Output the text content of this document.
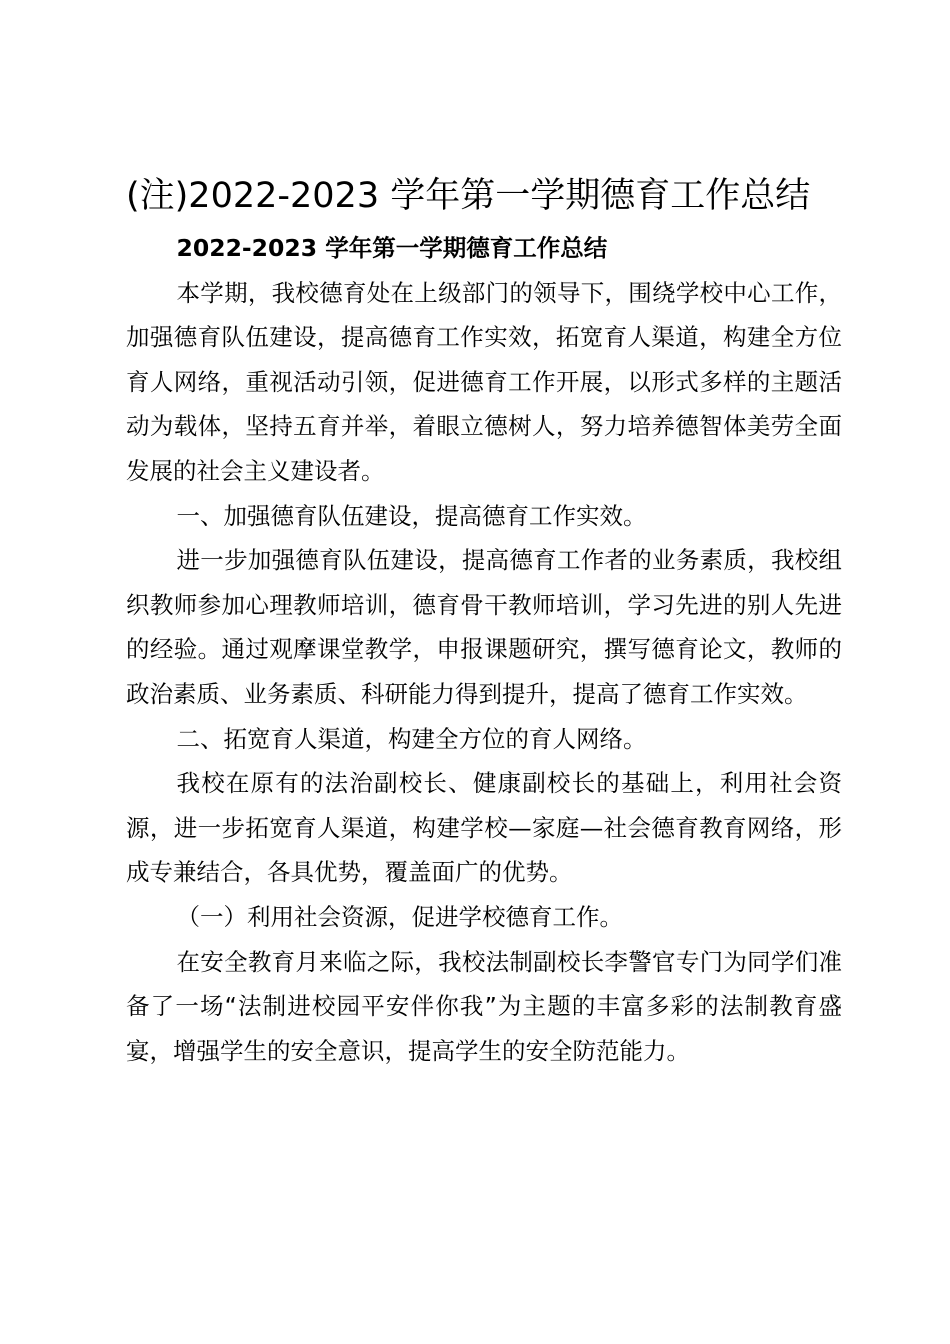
(注)2022-2023 学年第一学期德育工作总结

2022-2023 学年第一学期德育工作总结

本学期，我校德育处在上级部门的领导下，围绕学校中心工作，加强德育队伍建设，提高德育工作实效，拓宽育人渠道，构建全方位育人网络，重视活动引领，促进德育工作开展，以形式多样的主题活动为载体，坚持五育并举，着眼立德树人，努力培养德智体美劳全面发展的社会主义建设者。

一、加强德育队伍建设，提高德育工作实效。

进一步加强德育队伍建设，提高德育工作者的业务素质，我校组织教师参加心理教师培训，德育骨干教师培训，学习先进的别人先进的经验。通过观摩课堂教学，申报课题研究，撰写德育论文，教师的政治素质、业务素质、科研能力得到提升，提高了德育工作实效。

二、拓宽育人渠道，构建全方位的育人网络。

我校在原有的法治副校长、健康副校长的基础上，利用社会资源，进一步拓宽育人渠道，构建学校—家庭—社会德育教育网络，形成专兼结合，各具优势，覆盖面广的优势。

（一）利用社会资源，促进学校德育工作。

在安全教育月来临之际，我校法制副校长李警官专门为同学们准备了一场“法制进校园平安伴你我”为主题的丰富多彩的法制教育盛宴，增强学生的安全意识，提高学生的安全防范能力。
